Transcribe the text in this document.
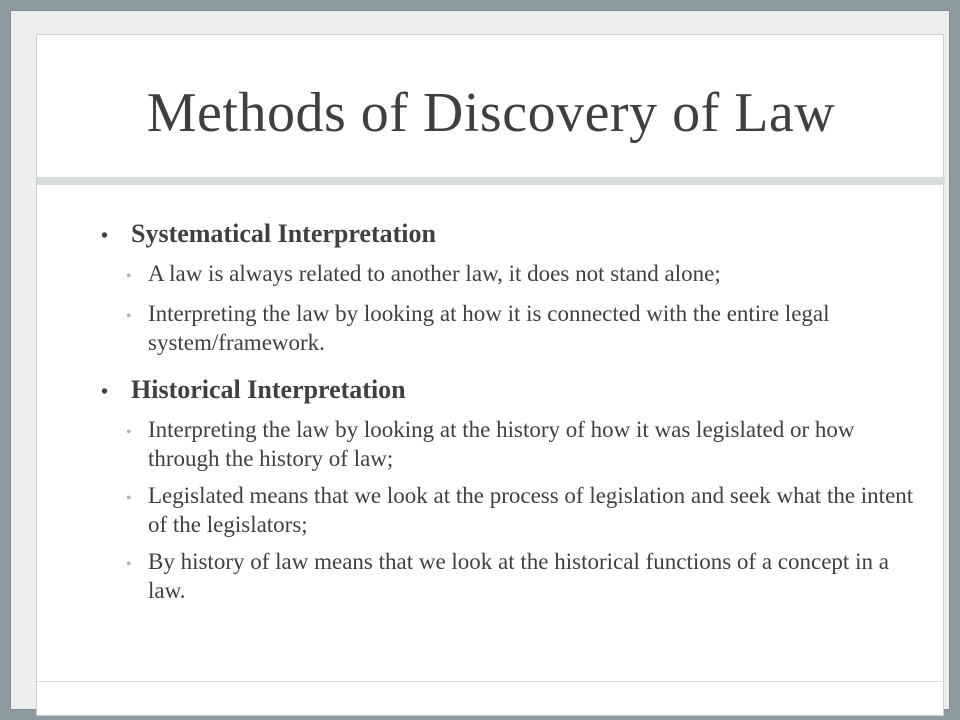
Methods of Discovery of Law
• Systematical Interpretation
• A law is always related to another law, it does not stand alone;
• Interpreting the law by looking at how it is connected with the entire legal system/framework.
• Historical Interpretation
• Interpreting the law by looking at the history of how it was legislated or how through the history of law;
• Legislated means that we look at the process of legislation and seek what the intent of the legislators;
• By history of law means that we look at the historical functions of a concept in a law.
